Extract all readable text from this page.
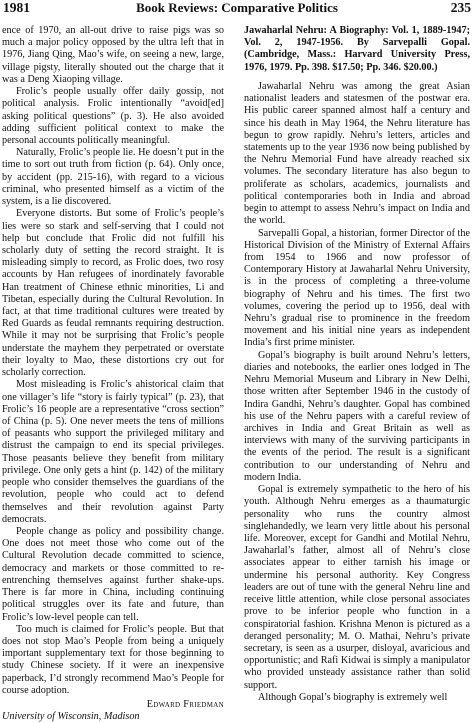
1981	Book Reviews: Comparative Politics	235

ence of 1970, an all-out drive to raise pigs was so much a major policy opposed by the ultra left that in 1976, Jiang Qing, Mao’s wife, on seeing a new, large, village pigsty, literally shouted out the charge that it was a Deng Xiaoping village.

Frolic’s people usually offer daily gossip, not political analysis. Frolic intentionally “avoid[ed] asking political questions” (p. 3). He also avoided adding sufficient political context to make the personal accounts politically meaningful.

Naturally, Frolic’s people lie. He doesn’t put in the time to sort out truth from fiction (p. 64). Only once, by accident (pp. 215-16), with regard to a vicious criminal, who presented himself as a victim of the system, is a lie discovered.

Everyone distorts. But some of Frolic’s people’s lies were so stark and self-serving that I could not help but conclude that Frolic did not fulfill his scholarly duty of setting the record straight. It is misleading simply to record, as Frolic does, two rosy accounts by Han refugees of inordinately favorable Han treatment of Chinese ethnic minorities, Li and Tibetan, especially during the Cultural Revolution. In fact, at that time traditional cultures were treated by Red Guards as feudal remnants requiring destruction. While it may not be surprising that Frolic’s people understate the mayhem they perpetrated or overstate their loyalty to Mao, these distortions cry out for scholarly correction.

Most misleading is Frolic’s ahistorical claim that one villager’s life “story is fairly typical” (p. 23), that Frolic’s 16 people are a representative “cross section” of China (p. 5). One never meets the tens of millions of peasants who support the privileged military and distrust the campaign to end its special privileges. Those peasants believe they benefit from military privilege. One only gets a hint (p. 142) of the military people who consider themselves the guardians of the revolution, people who could act to defend themselves and their revolution against Party democrats.

People change as policy and possibility change. One does not meet those who come out of the Cultural Revolution decade committed to science, democracy and markets or those committed to re-entrenching themselves against further shake-ups. There is far more in China, including continuing political struggles over its fate and future, than Frolic’s low-level people can tell.

Too much is claimed for Frolic’s people. But that does not stop Mao’s People from being a uniquely important supplementary text for those beginning to study Chinese society. If it were an inexpensive paperback, I’d strongly recommend Mao’s People for course adoption.

Edward Friedman

University of Wisconsin, Madison

Jawaharlal Nehru: A Biography: Vol. 1, 1889-1947; Vol. 2, 1947-1956. By Sarvepalli Gopal. (Cambridge, Mass.: Harvard University Press, 1976, 1979. Pp. 398. $17.50; Pp. 346. $20.00.)

Jawaharlal Nehru was among the great Asian nationalist leaders and statesmen of the postwar era. His public career spanned almost half a century and since his death in May 1964, the Nehru literature has begun to grow rapidly. Nehru’s letters, articles and statements up to the year 1936 now being published by the Nehru Memorial Fund have already reached six volumes. The secondary literature has also begun to proliferate as scholars, academics, journalists and political contemporaries both in India and abroad begin to attempt to assess Nehru’s impact on India and the world.

Sarvepalli Gopal, a historian, former Director of the Historical Division of the Ministry of External Affairs from 1954 to 1966 and now professor of Contemporary History at Jawaharlal Nehru University, is in the process of completing a three-volume biography of Nehru and his times. The first two volumes, covering the period up to 1956, deal with Nehru’s gradual rise to prominence in the freedom movement and his initial nine years as independent India’s first prime minister.

Gopal’s biography is built around Nehru’s letters, diaries and notebooks, the earlier ones lodged in The Nehru Memorial Museum and Library in New Delhi, those written after September 1946 in the custody of Indira Gandhi, Nehru’s daughter. Gopal has combined his use of the Nehru papers with a careful review of archives in India and Great Britain as well as interviews with many of the surviving participants in the events of the period. The result is a significant contribution to our understanding of Nehru and modern India.

Gopal is extremely sympathetic to the hero of his youth. Although Nehru emerges as a thaumaturgic personality who runs the country almost singlehandedly, we learn very little about his personal life. Moreover, except for Gandhi and Motilal Nehru, Jawaharlal’s father, almost all of Nehru’s close associates appear to either tarnish his image or undermine his personal authority. Key Congress leaders are out of tune with the general Nehru line and receive little attention, while close personal associates prove to be inferior people who function in a conspiratorial fashion. Krishna Menon is pictured as a deranged personality; M. O. Mathai, Nehru’s private secretary, is seen as a usurper, disloyal, avaricious and opportunistic; and Rafi Kidwai is simply a manipulator who provided unsteady assistance rather than solid support.

Although Gopal’s biography is extremely well
